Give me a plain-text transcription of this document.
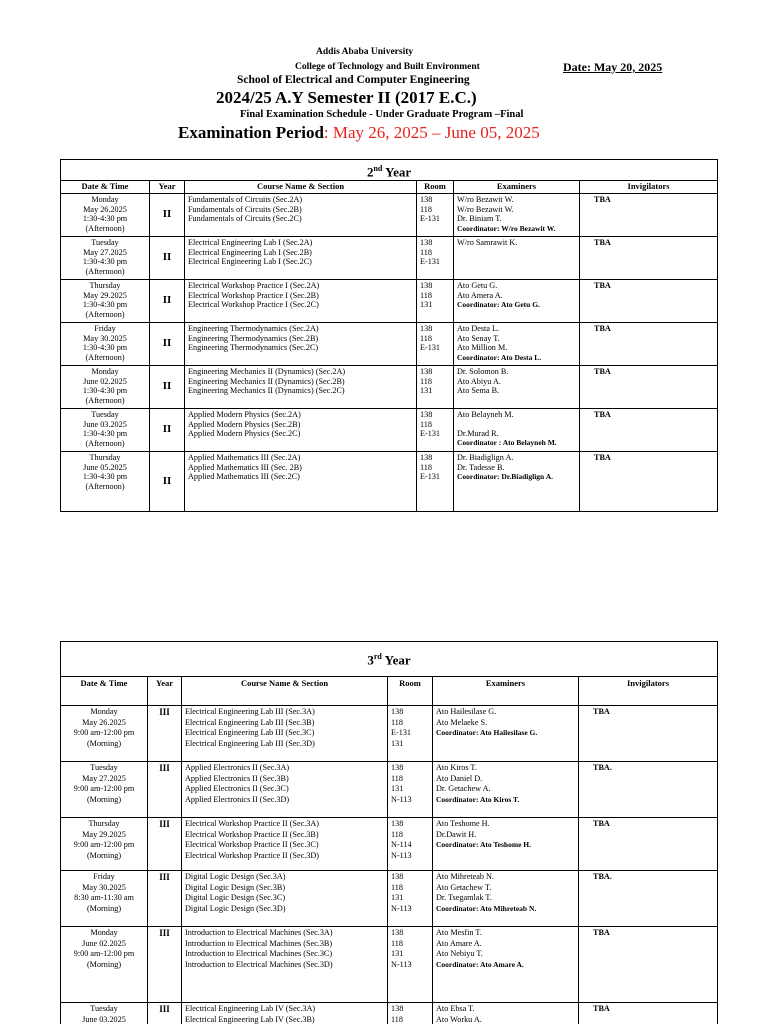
Addis Ababa University
College of Technology and Built Environment	Date: May 20, 2025
School of Electrical and Computer Engineering
2024/25 A.Y Semester II (2017 E.C.)
Final Examination Schedule - Under Graduate Program –Final
Examination Period: May 26, 2025 – June 05, 2025
2nd Year					
Date & Time	Year	Course Name & Section	Room	Examiners	Invigilators

Monday
May 26.2025
1:30-4:30 pm
(Afternoon)	II	Fundamentals of Circuits (Sec.2A)
Fundamentals of Circuits (Sec.2B)
Fundamentals of Circuits (Sec.2C)	138
118
E-131	W/ro Bezawit W.
W/ro Bezawit W.
Dr. Biniam T.
Coordinator: W/ro Bezawit W.	TBA

Tuesday
May 27.2025
1:30-4:30 pm
(Afternoon)	II	Electrical Engineering Lab I (Sec.2A)
Electrical Engineering Lab I (Sec.2B)
Electrical Engineering Lab I (Sec.2C)	138
118
E-131	W/ro Samrawit K.	TBA

Thursday
May 29.2025
1:30-4:30 pm
(Afternoon)	II	Electrical Workshop Practice I (Sec.2A)
Electrical Workshop Practice I (Sec.2B)
Electrical Workshop Practice I (Sec.2C)	138
118
131	Ato Getu G.
Ato Amera A.
Coordinator: Ato Getu G.	TBA

Friday
May 30.2025
1:30-4:30 pm
(Afternoon)	II	Engineering Thermodynamics (Sec.2A)
Engineering Thermodynamics (Sec.2B)
Engineering Thermodynamics (Sec.2C)	138
118
E-131	Ato Desta L.
Ato Senay T.
Ato Million M.
Coordinator: Ato Desta L.	TBA

Monday
June 02.2025
1:30-4:30 pm
(Afternoon)	II	Engineering Mechanics II (Dynamics) (Sec.2A)
Engineering Mechanics II (Dynamics) (Sec.2B)
Engineering Mechanics II (Dynamics) (Sec.2C)	138
118
131	Dr. Solomon B.
Ato Abiyu A.
Ato Sema B.	TBA

Tuesday
June 03.2025
1:30-4:30 pm
(Afternoon)	II	Applied Modern Physics (Sec.2A)
Applied Modern Physics (Sec.2B)
Applied Modern Physics (Sec.2C)	138
118
E-131	Ato Belayneh M.
Dr.Murad R.
Coordinator : Ato Belayneh M.	TBA

Thursday
June 05.2025
1:30-4:30 pm
(Afternoon)	II	Applied Mathematics III (Sec.2A)
Applied Mathematics III (Sec. 2B)
Applied Mathematics III (Sec.2C)	138
118
E-131	Dr. Biadiglign A.
Dr. Tadesse B.
Coordinator: Dr.Biadiglign A.	TBA
3rd Year					
Date & Time	Year	Course Name & Section	Room	Examiners	Invigilators

Monday
May 26.2025
9:00 am-12:00 pm
(Morning)	III	Electrical Engineering Lab III (Sec.3A)
Electrical Engineering Lab III (Sec.3B)
Electrical Engineering Lab III (Sec.3C)
Electrical Engineering Lab III (Sec.3D)	138
118
E-131
131	Ato Hailesilase G.
Ato Melaeke S.
Coordinator: Ato Hailesilase G.	TBA

Tuesday
May 27.2025
9:00 am-12:00 pm
(Morning)	III	Applied Electronics II (Sec.3A)
Applied Electronics II (Sec.3B)
Applied Electronics II (Sec.3C)
Applied Electronics II (Sec.3D)	138
118
131
N-113	Ato Kiros T.
Ato Daniel D.
Dr. Getachew A.
Coordinator: Ato Kiros T.	TBA.

Thursday
May 29.2025
9:00 am-12:00 pm
(Morning)	III	Electrical Workshop Practice II (Sec.3A)
Electrical Workshop Practice II (Sec.3B)
Electrical Workshop Practice II (Sec.3C)
Electrical Workshop Practice II (Sec.3D)	138
118
N-114
N-113	Ato Teshome H.
Dr.Dawit H.
Coordinator: Ato Teshome H.	TBA

Friday
May 30.2025
8:30 am-11:30 am
(Morning)	III	Digital Logic Design (Sec.3A)
Digital Logic Design (Sec.3B)
Digital Logic Design (Sec.3C)
Digital Logic Design (Sec.3D)	138
118
131
N-113	Ato Mihreteab N.
Ato Getachew T.
Dr. Tsegamlak T.
Coordinator: Ato Mihreteab N.	TBA.

Monday
June 02.2025
9:00 am-12:00 pm
(Morning)	III	Introduction to Electrical Machines (Sec.3A)
Introduction to Electrical Machines (Sec.3B)
Introduction to Electrical Machines (Sec.3C)
Introduction to Electrical Machines (Sec.3D)	138
118
131
N-113	Ato Mesfin T.
Ato Amare A.
Ato Nebiyu T.
Coordinator: Ato Amare A.	TBA

Tuesday
June 03.2025	III	Electrical Engineering Lab IV (Sec.3A)
Electrical Engineering Lab IV (Sec.3B)	138
118	Ato Ebsa T.
Ato Worku A.	TBA
